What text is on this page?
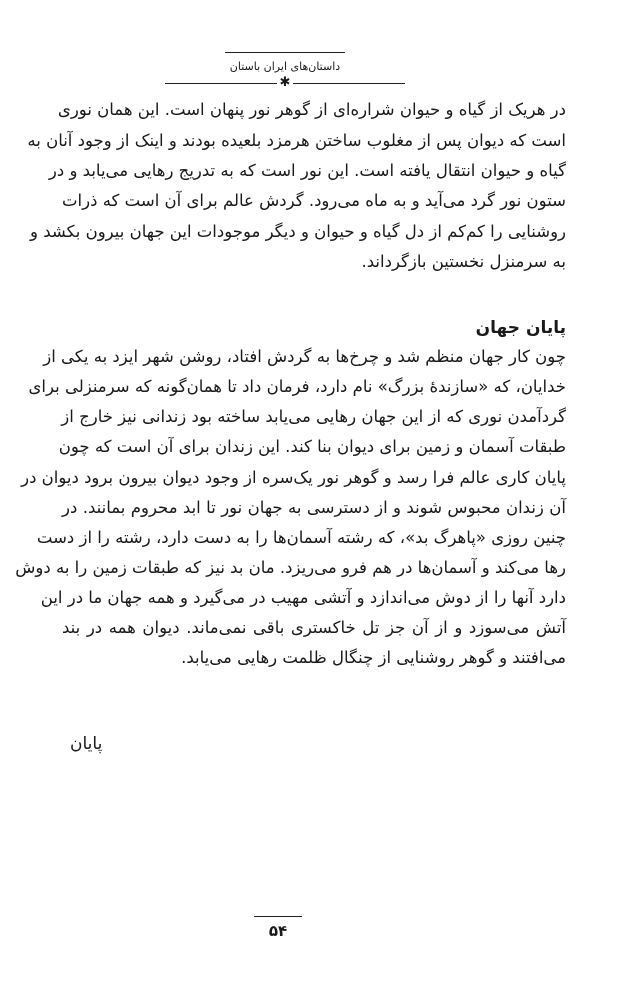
داستان‌های ایران باستان
✱
در هریک از گیاه و حیوان شراره‌ای از گوهر نور پنهان است. این همان نوری
است که دیوان پس از مغلوب ساختن هرمزد بلعیده بودند و اینک از وجود آنان به
گیاه و حیوان انتقال یافته است. این نور است که به تدریج رهایی می‌یابد و در
ستون نور گرد می‌آید و به ماه می‌رود. گردش عالم برای آن است که ذرات
روشنایی را کم‌کم از دل گیاه و حیوان و دیگر موجودات این جهان بیرون بکشد و
به سرمنزل نخستین بازگرداند.
پایان جهان
چون کار جهان منظم شد و چرخ‌ها به گردش افتاد، روشن شهر ایزد به یکی از
خدایان، که «سازندهٔ بزرگ» نام دارد، فرمان داد تا همان‌گونه که سرمنزلی برای
گردآمدن نوری که از این جهان رهایی می‌یابد ساخته بود زندانی نیز خارج از
طبقات آسمان و زمین برای دیوان بنا کند. این زندان برای آن است که چون
پایان کاری عالم فرا رسد و گوهر نور یک‌سره از وجود دیوان بیرون برود دیوان در
آن زندان محبوس شوند و از دسترسی به جهان نور تا ابد محروم بمانند. در
چنین روزی «پاهرگ بد»، که رشته آسمان‌ها را به دست دارد، رشته را از دست
رها می‌کند و آسمان‌ها در هم فرو می‌ریزد. مان بد نیز که طبقات زمین را به دوش
دارد آنها را از دوش می‌اندازد و آتشی مهیب در می‌گیرد و همه جهان ما در این
آتش می‌سوزد و از آن جز تل خاکستری باقی نمی‌ماند. دیوان همه در بند
می‌افتند و گوهر روشنایی از چنگال ظلمت رهایی می‌یابد.
پایان
۵۴
